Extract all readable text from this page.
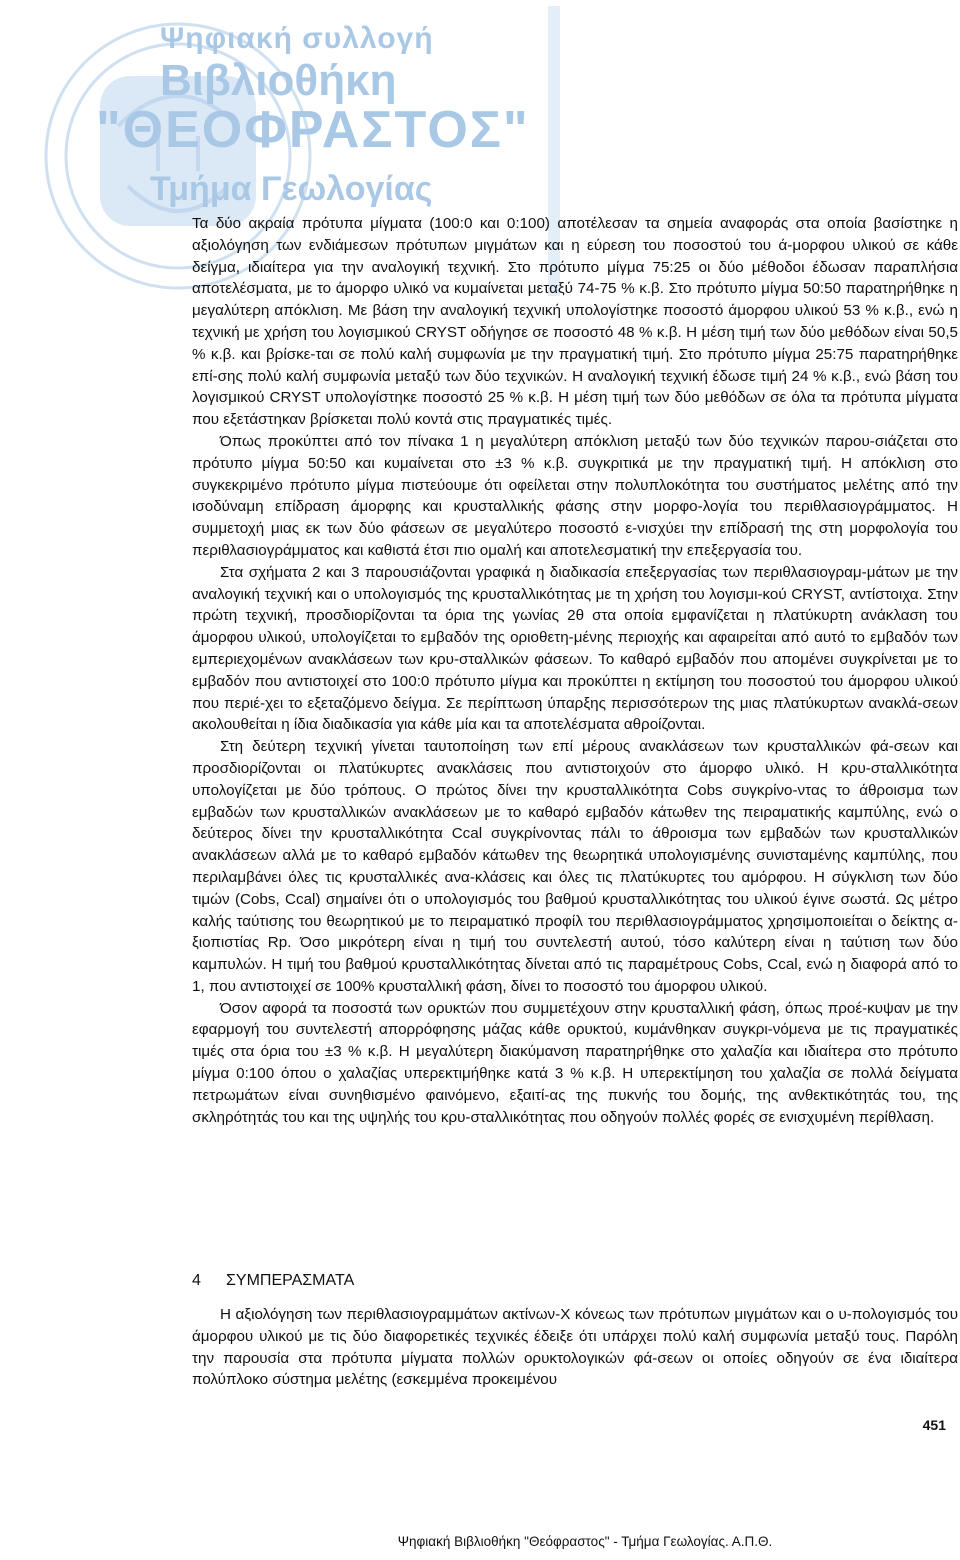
Ψηφιακή συλλογή
Βιβλιοθήκη
"ΘΕΟΦΡΑΣΤΟΣ"
Τμήμα Γεωλογίας

Τα δύο ακραία πρότυπα μίγματα (100:0 και 0:100) αποτέλεσαν τα σημεία αναφοράς στα οποία βασίστηκε η αξιολόγηση των ενδιάμεσων πρότυπων μιγμάτων και η εύρεση του ποσοστού του ά-μορφου υλικού σε κάθε δείγμα, ιδιαίτερα για την αναλογική τεχνική. Στο πρότυπο μίγμα 75:25 οι δύο μέθοδοι έδωσαν παραπλήσια αποτελέσματα, με το άμορφο υλικό να κυμαίνεται μεταξύ 74-75 % κ.β. Στο πρότυπο μίγμα 50:50 παρατηρήθηκε η μεγαλύτερη απόκλιση. Με βάση την αναλογική τεχνική υπολογίστηκε ποσοστό άμορφου υλικού 53 % κ.β., ενώ η τεχνική με χρήση του λογισμικού CRYST οδήγησε σε ποσοστό 48 % κ.β. Η μέση τιμή των δύο μεθόδων είναι 50,5 % κ.β. και βρίσκε-ται σε πολύ καλή συμφωνία με την πραγματική τιμή. Στο πρότυπο μίγμα 25:75 παρατηρήθηκε επί-σης πολύ καλή συμφωνία μεταξύ των δύο τεχνικών. Η αναλογική τεχνική έδωσε τιμή 24 % κ.β., ενώ βάση του λογισμικού CRYST υπολογίστηκε ποσοστό 25 % κ.β. Η μέση τιμή των δύο μεθόδων σε όλα τα πρότυπα μίγματα που εξετάστηκαν βρίσκεται πολύ κοντά στις πραγματικές τιμές.

Όπως προκύπτει από τον πίνακα 1 η μεγαλύτερη απόκλιση μεταξύ των δύο τεχνικών παρου-σιάζεται στο πρότυπο μίγμα 50:50 και κυμαίνεται στο ±3 % κ.β. συγκριτικά με την πραγματική τιμή. Η απόκλιση στο συγκεκριμένο πρότυπο μίγμα πιστεύουμε ότι οφείλεται στην πολυπλοκότητα του συστήματος μελέτης από την ισοδύναμη επίδραση άμορφης και κρυσταλλικής φάσης στην μορφο-λογία του περιθλασιογράμματος. Η συμμετοχή μιας εκ των δύο φάσεων σε μεγαλύτερο ποσοστό ε-νισχύει την επίδρασή της στη μορφολογία του περιθλασιογράμματος και καθιστά έτσι πιο ομαλή και αποτελεσματική την επεξεργασία του.

Στα σχήματα 2 και 3 παρουσιάζονται γραφικά η διαδικασία επεξεργασίας των περιθλασιογραμ-μάτων με την αναλογική τεχνική και ο υπολογισμός της κρυσταλλικότητας με τη χρήση του λογισμι-κού CRYST, αντίστοιχα. Στην πρώτη τεχνική, προσδιορίζονται τα όρια της γωνίας 2θ στα οποία εμφανίζεται η πλατύκυρτη ανάκλαση του άμορφου υλικού, υπολογίζεται το εμβαδόν της οριοθετη-μένης περιοχής και αφαιρείται από αυτό το εμβαδόν των εμπεριεχομένων ανακλάσεων των κρυ-σταλλικών φάσεων. Το καθαρό εμβαδόν που απομένει συγκρίνεται με το εμβαδόν που αντιστοιχεί στο 100:0 πρότυπο μίγμα και προκύπτει η εκτίμηση του ποσοστού του άμορφου υλικού που περιέ-χει το εξεταζόμενο δείγμα. Σε περίπτωση ύπαρξης περισσότερων της μιας πλατύκυρτων ανακλά-σεων ακολουθείται η ίδια διαδικασία για κάθε μία και τα αποτελέσματα αθροίζονται.

Στη δεύτερη τεχνική γίνεται ταυτοποίηση των επί μέρους ανακλάσεων των κρυσταλλικών φά-σεων και προσδιορίζονται οι πλατύκυρτες ανακλάσεις που αντιστοιχούν στο άμορφο υλικό. Η κρυ-σταλλικότητα υπολογίζεται με δύο τρόπους. Ο πρώτος δίνει την κρυσταλλικότητα Cobs συγκρίνο-ντας το άθροισμα των εμβαδών των κρυσταλλικών ανακλάσεων με το καθαρό εμβαδόν κάτωθεν της πειραματικής καμπύλης, ενώ ο δεύτερος δίνει την κρυσταλλικότητα Ccal συγκρίνοντας πάλι το άθροισμα των εμβαδών των κρυσταλλικών ανακλάσεων αλλά με το καθαρό εμβαδόν κάτωθεν της θεωρητικά υπολογισμένης συνισταμένης καμπύλης, που περιλαμβάνει όλες τις κρυσταλλικές ανα-κλάσεις και όλες τις πλατύκυρτες του αμόρφου. Η σύγκλιση των δύο τιμών (Cobs, Ccal) σημαίνει ότι ο υπολογισμός του βαθμού κρυσταλλικότητας του υλικού έγινε σωστά. Ως μέτρο καλής ταύτισης του θεωρητικού με το πειραματικό προφίλ του περιθλασιογράμματος χρησιμοποιείται ο δείκτης α-ξιοπιστίας Rp. Όσο μικρότερη είναι η τιμή του συντελεστή αυτού, τόσο καλύτερη είναι η ταύτιση των δύο καμπυλών. Η τιμή του βαθμού κρυσταλλικότητας δίνεται από τις παραμέτρους Cobs, Ccal, ενώ η διαφορά από το 1, που αντιστοιχεί σε 100% κρυσταλλική φάση, δίνει το ποσοστό του άμορφου υλικού.

Όσον αφορά τα ποσοστά των ορυκτών που συμμετέχουν στην κρυσταλλική φάση, όπως προέ-κυψαν με την εφαρμογή του συντελεστή απορρόφησης μάζας κάθε ορυκτού, κυμάνθηκαν συγκρι-νόμενα με τις πραγματικές τιμές στα όρια του ±3 % κ.β. Η μεγαλύτερη διακύμανση παρατηρήθηκε στο χαλαζία και ιδιαίτερα στο πρότυπο μίγμα 0:100 όπου ο χαλαζίας υπερεκτιμήθηκε κατά 3 % κ.β. Η υπερεκτίμηση του χαλαζία σε πολλά δείγματα πετρωμάτων είναι συνηθισμένο φαινόμενο, εξαιτί-ας της πυκνής του δομής, της ανθεκτικότητάς του, της σκληρότητάς του και της υψηλής του κρυ-σταλλικότητας που οδηγούν πολλές φορές σε ενισχυμένη περίθλαση.

4 ΣΥΜΠΕΡΑΣΜΑΤΑ

Η αξιολόγηση των περιθλασιογραμμάτων ακτίνων-Χ κόνεως των πρότυπων μιγμάτων και ο υ-πολογισμός του άμορφου υλικού με τις δύο διαφορετικές τεχνικές έδειξε ότι υπάρχει πολύ καλή συμφωνία μεταξύ τους. Παρόλη την παρουσία στα πρότυπα μίγματα πολλών ορυκτολογικών φά-σεων οι οποίες οδηγούν σε ένα ιδιαίτερα πολύπλοκο σύστημα μελέτης (εσκεμμένα προκειμένου

451
Ψηφιακή Βιβλιοθήκη "Θεόφραστος" - Τμήμα Γεωλογίας. Α.Π.Θ.
